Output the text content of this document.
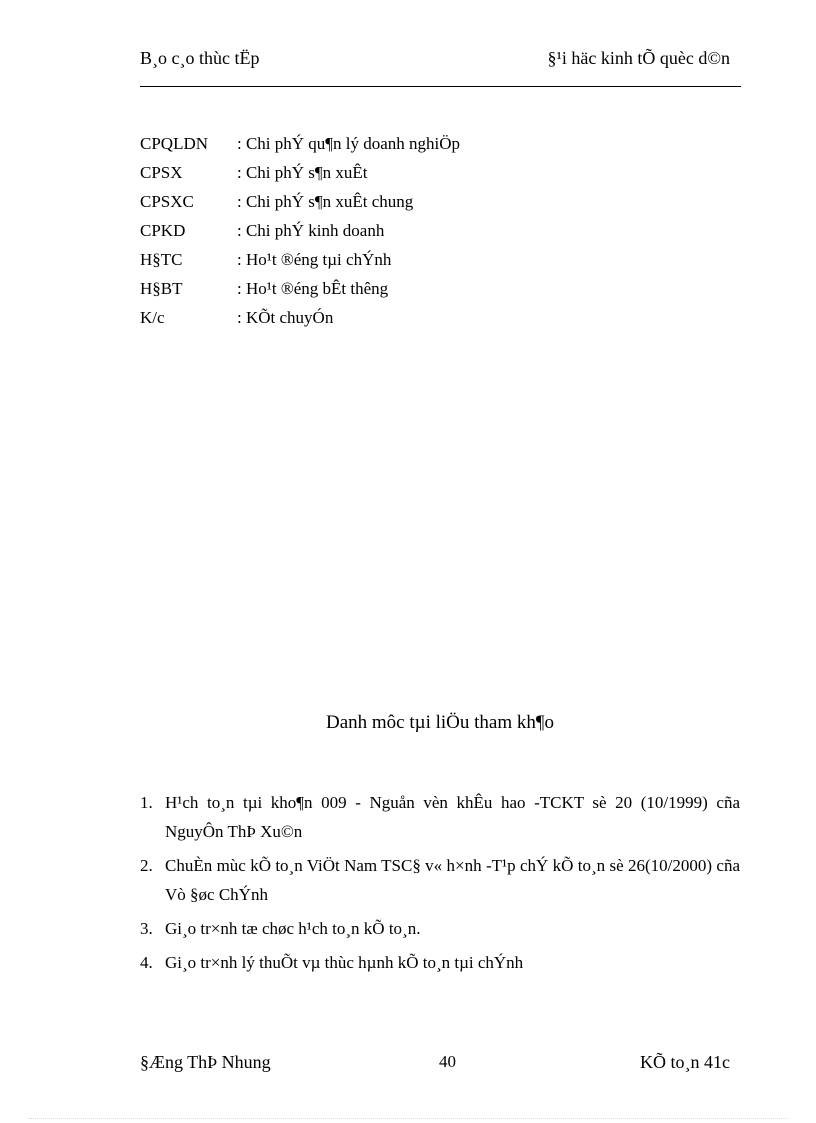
B¸o c¸o thùc tËp	§¹i häc kinh tÕ quèc d©n
CPQLDN : Chi phÝ qu¶n lý doanh nghiÖp
CPSX	: Chi phÝ s¶n xuÊt
CPSXC	: Chi phÝ s¶n xuÊt chung
CPKD	: Chi phÝ kinh doanh
H§TC	: Ho¹t ®éng tµi chÝnh
H§BT	: Ho¹t ®éng bÊt thêng
K/c	: KÕt chuyÓn
Danh môc tµi liÖu tham kh¶o
1. H¹ch to¸n tµi kho¶n 009 - Nguån vèn khÊu hao -TCKT sè 20 (10/1999) cña NguyÔn ThÞ Xu©n
2. ChuÈn mùc kÕ to¸n ViÖt Nam TSC§ v« h×nh -T¹p chÝ kÕ to¸n sè 26(10/2000) cña Vò §øc ChÝnh
3. Gi¸o tr×nh tæ chøc h¹ch to¸n kÕ to¸n.
4. Gi¸o tr×nh lý thuÕt vµ thùc hµnh kÕ to¸n tµi chÝnh
§Æng ThÞ Nhung	40	KÕ to¸n 41c
